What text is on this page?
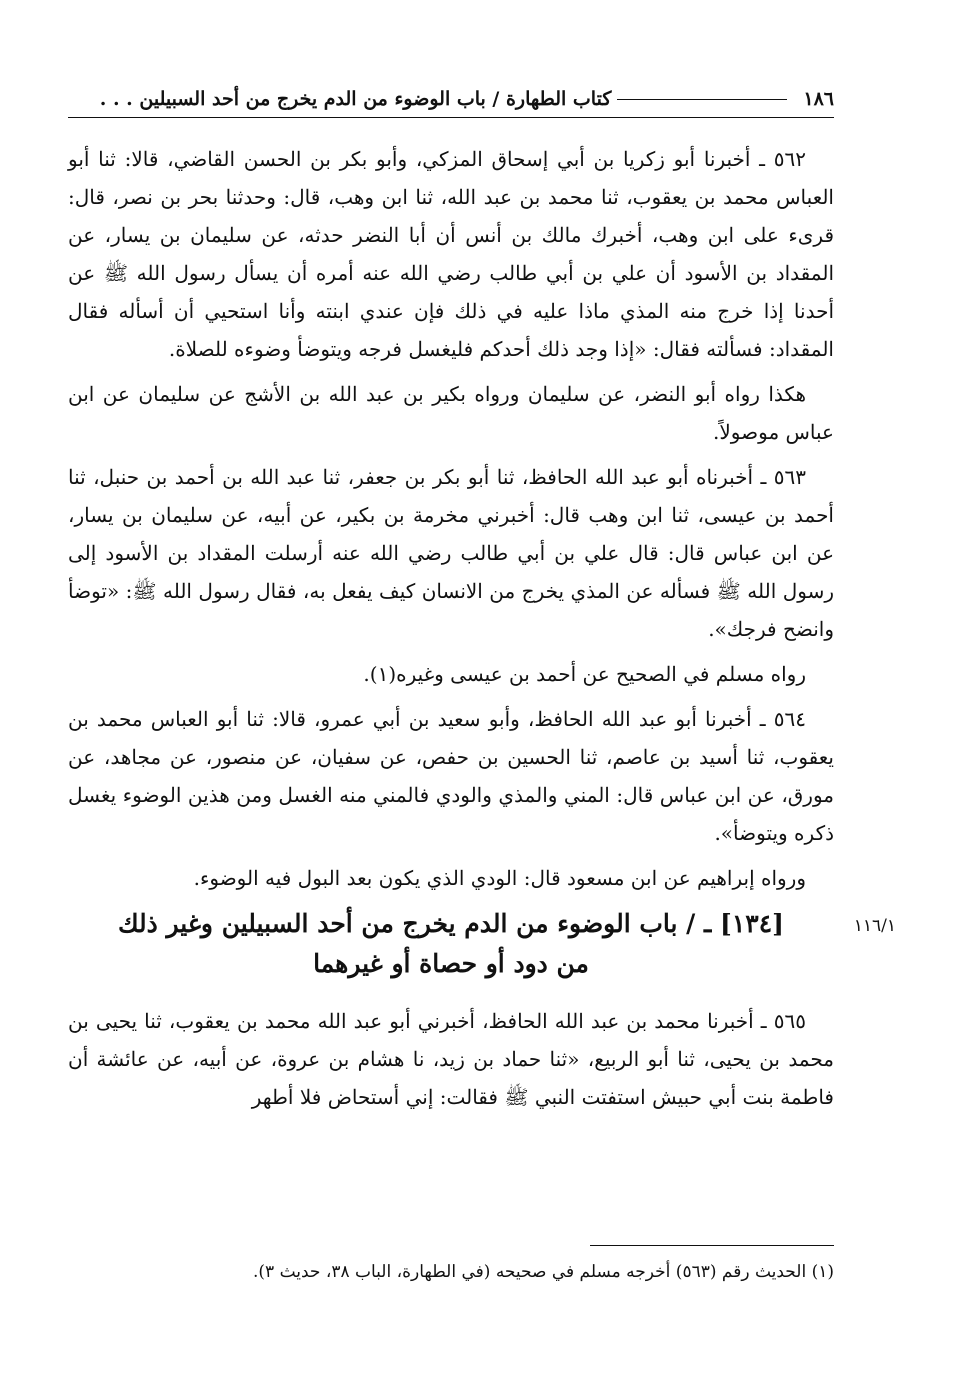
١٨٦
كتاب الطهارة / باب الوضوء من الدم يخرج من أحد السبيلين . . .

٥٦٢ ـ أخبرنا أبو زكريا بن أبي إسحاق المزكي، وأبو بكر بن الحسن القاضي، قالا: ثنا أبو العباس محمد بن يعقوب، ثنا محمد بن عبد الله، ثنا ابن وهب، قال: وحدثنا بحر بن نصر، قال: قرىء على ابن وهب، أخبرك مالك بن أنس أن أبا النضر حدثه، عن سليمان بن يسار، عن المقداد بن الأسود أن علي بن أبي طالب رضي الله عنه أمره أن يسأل رسول الله ﷺ عن أحدنا إذا خرج منه المذي ماذا عليه في ذلك فإن عندي ابنته وأنا استحيي أن أسأله فقال المقداد: فسألته فقال: «إذا وجد ذلك أحدكم فليغسل فرجه ويتوضأ وضوءه للصلاة.

هكذا رواه أبو النضر، عن سليمان ورواه بكير بن عبد الله بن الأشج عن سليمان عن ابن عباس موصولاً.

٥٦٣ ـ أخبرناه أبو عبد الله الحافظ، ثنا أبو بكر بن جعفر، ثنا عبد الله بن أحمد بن حنبل، ثنا أحمد بن عيسى، ثنا ابن وهب قال: أخبرني مخرمة بن بكير، عن أبيه، عن سليمان بن يسار، عن ابن عباس قال: قال علي بن أبي طالب رضي الله عنه أرسلت المقداد بن الأسود إلى رسول الله ﷺ فسأله عن المذي يخرج من الانسان كيف يفعل به، فقال رسول الله ﷺ: «توضأ وانضح فرجك».

رواه مسلم في الصحيح عن أحمد بن عيسى وغيره(١).

٥٦٤ ـ أخبرنا أبو عبد الله الحافظ، وأبو سعيد بن أبي عمرو، قالا: ثنا أبو العباس محمد بن يعقوب، ثنا أسيد بن عاصم، ثنا الحسين بن حفص، عن سفيان، عن منصور، عن مجاهد، عن مورق، عن ابن عباس قال: المني والمذي والودي فالمني منه الغسل ومن هذين الوضوء يغسل ذكره ويتوضأ».

ورواه إبراهيم عن ابن مسعود قال: الودي الذي يكون بعد البول فيه الوضوء.

١١٦/١
[١٣٤] ـ / باب الوضوء من الدم يخرج من أحد السبيلين وغير ذلك
من دود أو حصاة أو غيرهما

٥٦٥ ـ أخبرنا محمد بن عبد الله الحافظ، أخبرني أبو عبد الله محمد بن يعقوب، ثنا يحيى بن محمد بن يحيى، ثنا أبو الربيع، «ثنا حماد بن زيد، نا هشام بن عروة، عن أبيه، عن عائشة أن فاطمة بنت أبي حبيش استفتت النبي ﷺ فقالت: إني أستحاض فلا أطهر

(١) الحديث رقم (٥٦٣) أخرجه مسلم في صحيحه (في الطهارة، الباب ٣٨، حديث ٣).
